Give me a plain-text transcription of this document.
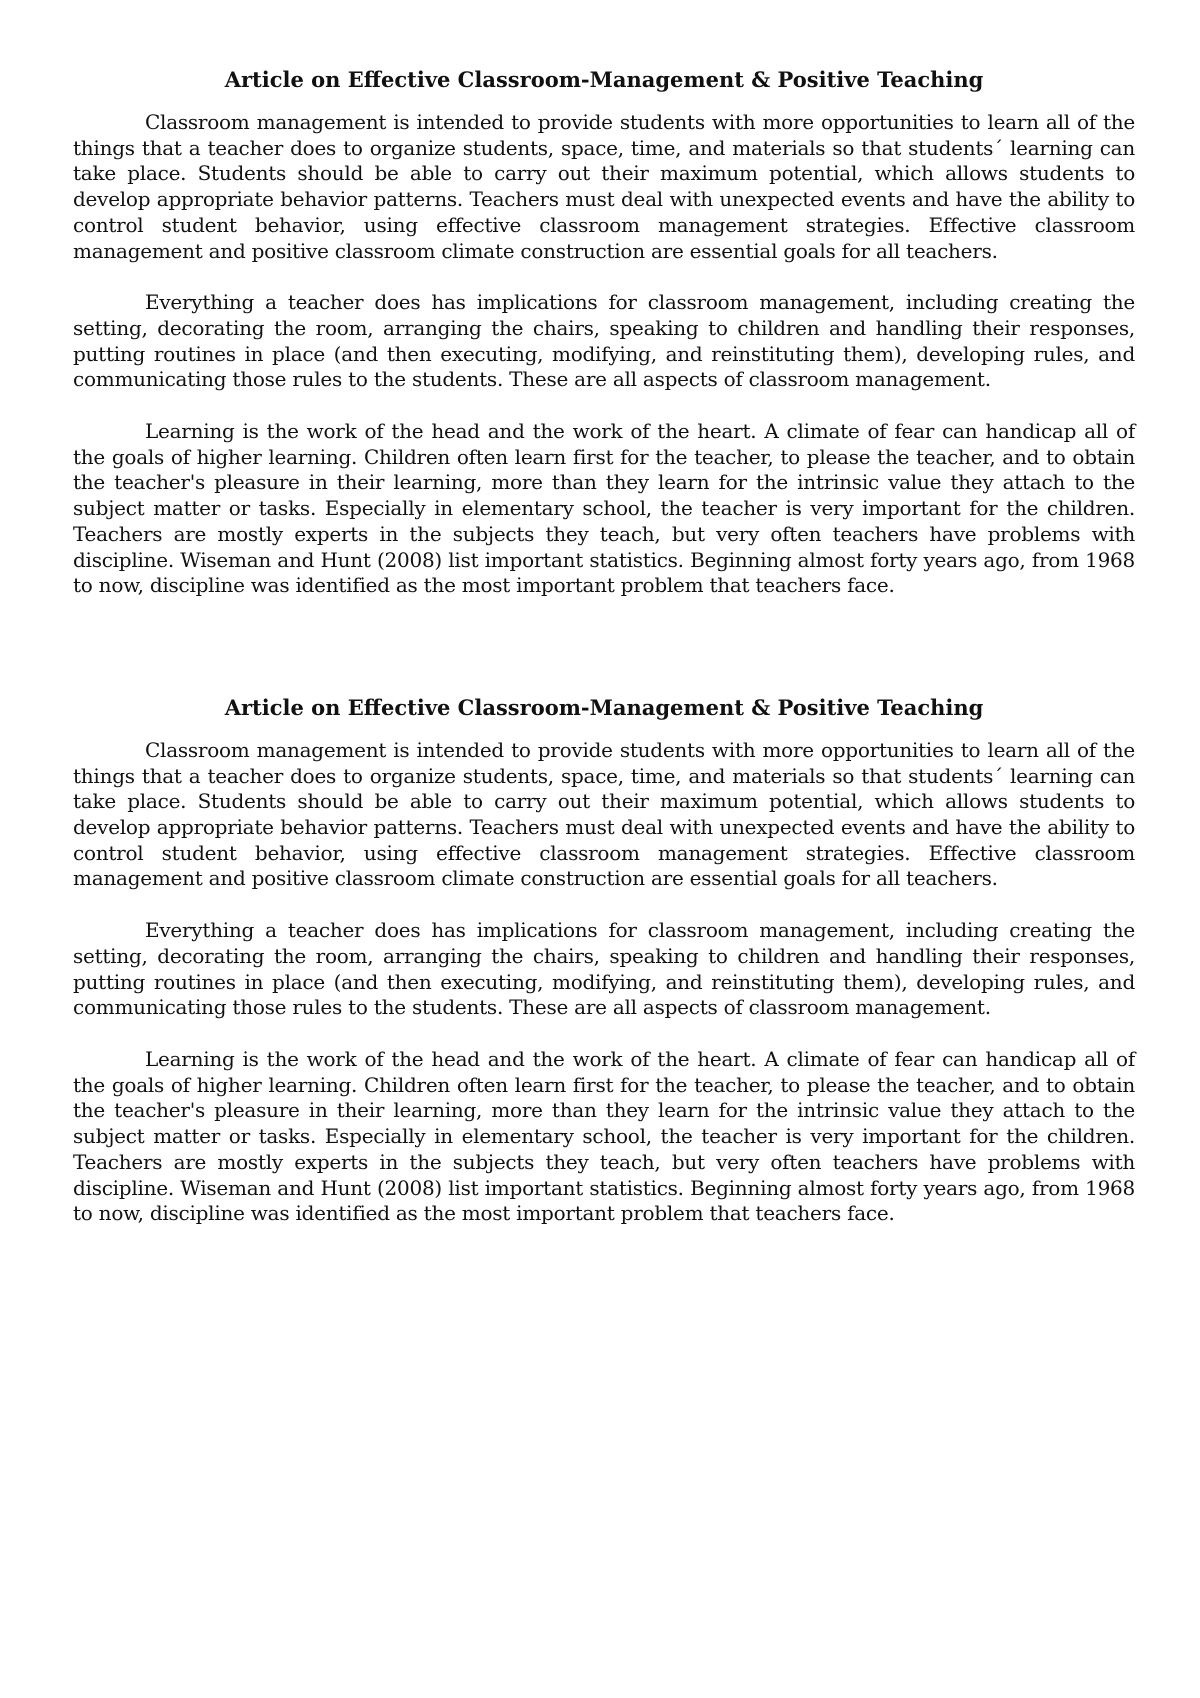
Article on Effective Classroom-Management & Positive Teaching

Classroom management is intended to provide students with more opportunities to learn all of the things that a teacher does to organize students, space, time, and materials so that students´ learning can take place. Students should be able to carry out their maximum potential, which allows students to develop appropriate behavior patterns. Teachers must deal with unexpected events and have the ability to control student behavior, using effective classroom management strategies. Effective classroom management and positive classroom climate construction are essential goals for all teachers.

Everything a teacher does has implications for classroom management, including creating the setting, decorating the room, arranging the chairs, speaking to children and handling their responses, putting routines in place (and then executing, modifying, and reinstituting them), developing rules, and communicating those rules to the students. These are all aspects of classroom management.

Learning is the work of the head and the work of the heart. A climate of fear can handicap all of the goals of higher learning. Children often learn first for the teacher, to please the teacher, and to obtain the teacher's pleasure in their learning, more than they learn for the intrinsic value they attach to the subject matter or tasks. Especially in elementary school, the teacher is very important for the children. Teachers are mostly experts in the subjects they teach, but very often teachers have problems with discipline. Wiseman and Hunt (2008) list important statistics. Beginning almost forty years ago, from 1968 to now, discipline was identified as the most important problem that teachers face.

Article on Effective Classroom-Management & Positive Teaching

Classroom management is intended to provide students with more opportunities to learn all of the things that a teacher does to organize students, space, time, and materials so that students´ learning can take place. Students should be able to carry out their maximum potential, which allows students to develop appropriate behavior patterns. Teachers must deal with unexpected events and have the ability to control student behavior, using effective classroom management strategies. Effective classroom management and positive classroom climate construction are essential goals for all teachers.

Everything a teacher does has implications for classroom management, including creating the setting, decorating the room, arranging the chairs, speaking to children and handling their responses, putting routines in place (and then executing, modifying, and reinstituting them), developing rules, and communicating those rules to the students. These are all aspects of classroom management.

Learning is the work of the head and the work of the heart. A climate of fear can handicap all of the goals of higher learning. Children often learn first for the teacher, to please the teacher, and to obtain the teacher's pleasure in their learning, more than they learn for the intrinsic value they attach to the subject matter or tasks. Especially in elementary school, the teacher is very important for the children. Teachers are mostly experts in the subjects they teach, but very often teachers have problems with discipline. Wiseman and Hunt (2008) list important statistics. Beginning almost forty years ago, from 1968 to now, discipline was identified as the most important problem that teachers face.
